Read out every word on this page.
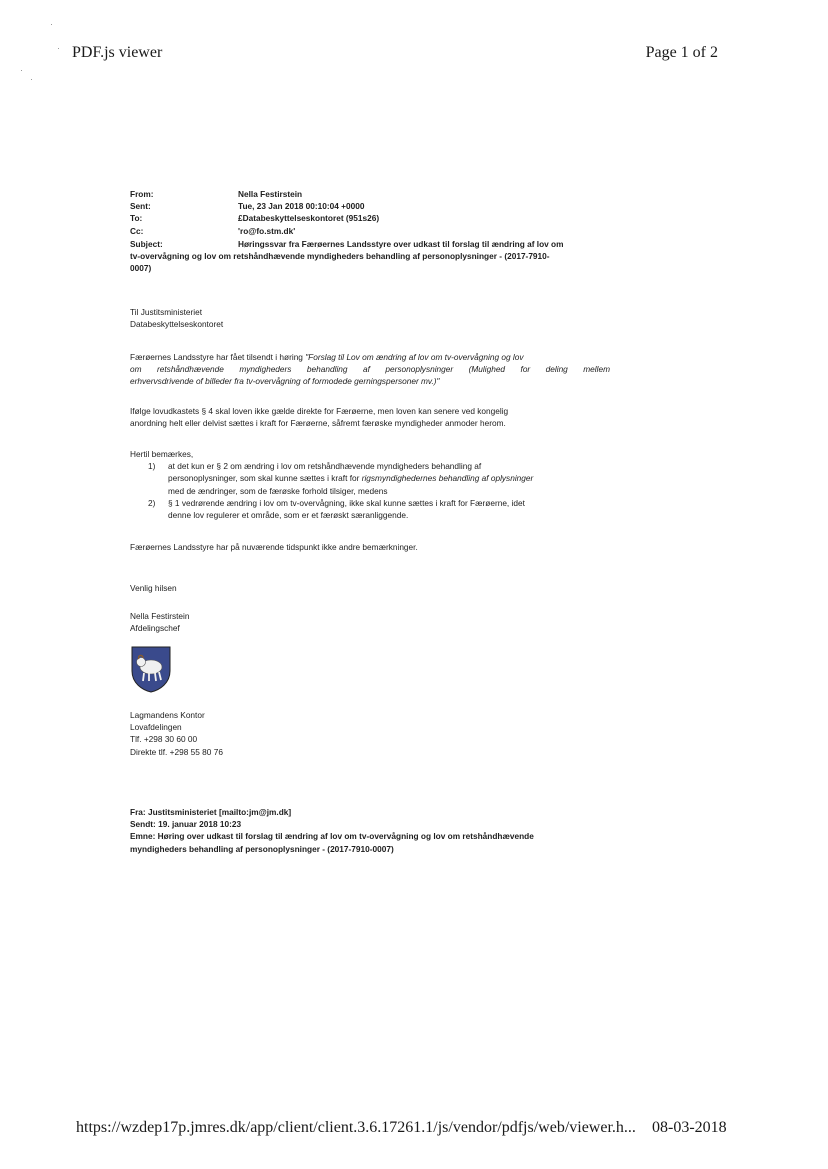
PDF.js viewer	Page 1 of 2
From:	Nella Festirstein
Sent:	Tue, 23 Jan 2018 00:10:04 +0000
To:	£Databeskyttelseskontoret (951s26)
Cc:	'ro@fo.stm.dk'
Subject:	Høringssvar fra Færøernes Landsstyre over udkast til forslag til ændring af lov om
tv-overvågning og lov om retshåndhævende myndigheders behandling af personoplysninger - (2017-7910-
0007)
Til Justitsministeriet
Databeskyttelseskontoret
Færøernes Landsstyre har fået tilsendt i høring "Forslag til Lov om ændring af lov om tv-overvågning og lov
om retshåndhævende myndigheders behandling af personoplysninger (Mulighed for deling mellem
erhvervsdrivende of billeder fra tv-overvågning of formodede gerningspersoner mv.)"
Ifølge lovudkastets § 4 skal loven ikke gælde direkte for Færøerne, men loven kan senere ved kongelig
anordning helt eller delvist sættes i kraft for Færøerne, såfremt færøske myndigheder anmoder herom.
Hertil bemærkes,
1) at det kun er § 2 om ændring i lov om retshåndhævende myndigheders behandling af
personoplysninger, som skal kunne sættes i kraft for rigsmyndighedernes behandling af oplysninger
med de ændringer, som de færøske forhold tilsiger, medens
2) § 1 vedrørende ændring i lov om tv-overvågning, ikke skal kunne sættes i kraft for Færøerne, idet
denne lov regulerer et område, som er et færøskt særanliggende.
Færøernes Landsstyre har på nuværende tidspunkt ikke andre bemærkninger.
Venlig hilsen
Nella Festirstein
Afdelingschef
Lagmandens Kontor
Lovafdelingen
Tlf. +298 30 60 00
Direkte tlf. +298 55 80 76
Fra: Justitsministeriet [mailto:jm@jm.dk]
Sendt: 19. januar 2018 10:23
Emne: Høring over udkast til forslag til ændring af lov om tv-overvågning og lov om retshåndhævende
myndigheders behandling af personoplysninger - (2017-7910-0007)
https://wzdep17p.jmres.dk/app/client/client.3.6.17261.1/js/vendor/pdfjs/web/viewer.h... 08-03-2018
